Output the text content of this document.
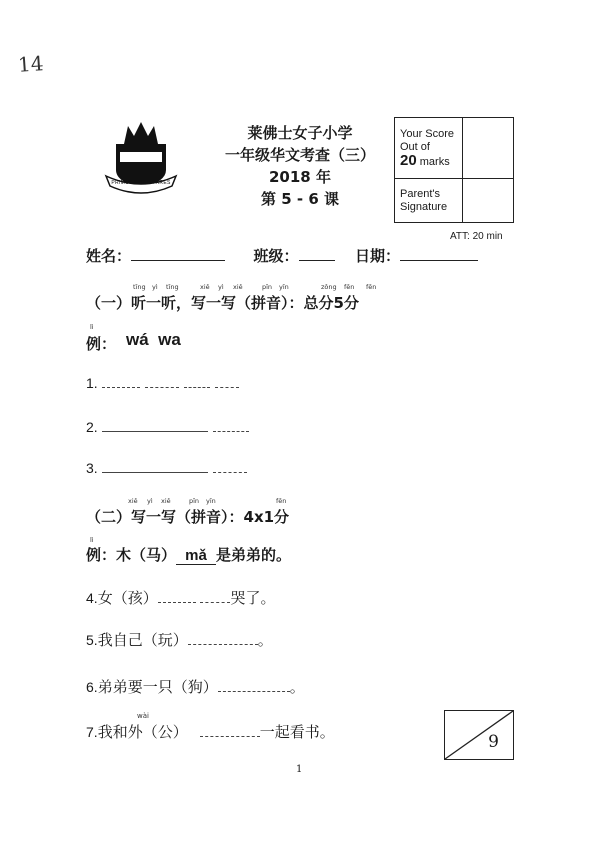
14
PRIMUS INTER PARES
莱佛士女子小学
一年级华文考查（三）
2018 年
第 5 - 6 课
Your Score
Out of
20 marks
Parent's
Signature
ATT: 20 min
姓名：	班级：	日期：
tīng yì tīng	xiě yì xiě	pīn yīn	zǒng fēn fēn
（一）听一听，写一写（拼音）：总分5分
lì
例： wá  wa
1.
2.
3.
xiě yì xiě	pīn yīn	fēn
（二）写一写（拼音）：4x1分
lì
例：木（马） mǎ 是弟弟的。
4.女（孩）	哭了。
5.我自己（玩）	。
6.弟弟要一只（狗）	。
wài
7.我和外（公）	一起看书。	9
1
